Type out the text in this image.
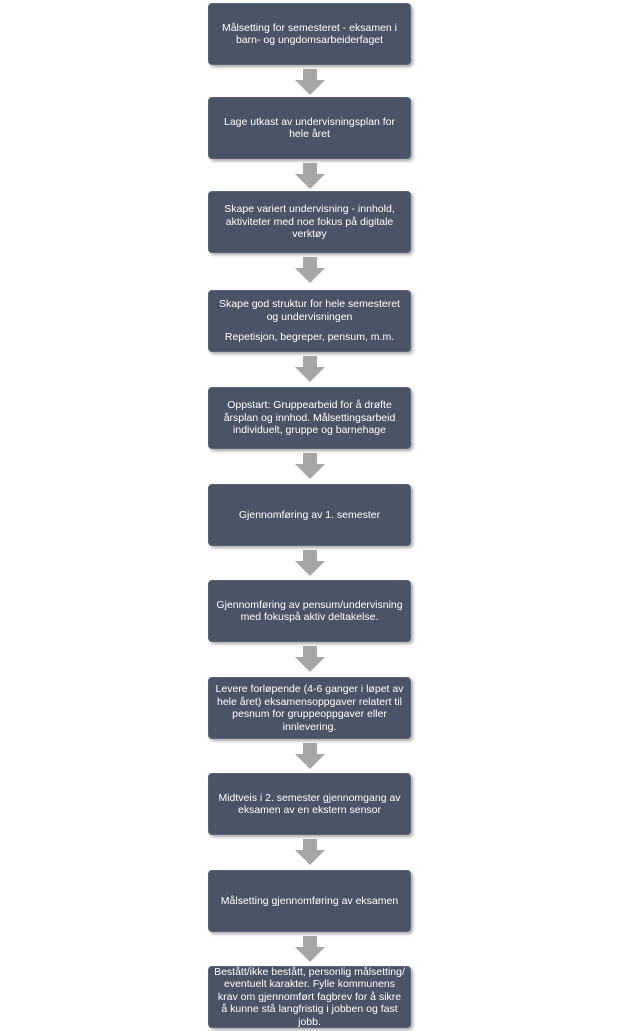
Målsetting for semesteret - eksamen i barn- og ungdomsarbeiderfaget
Lage utkast av undervisningsplan for hele året
Skape variert undervisning - innhold, aktiviteter med noe fokus på digitale verktøy
Skape god struktur for hele semesteret og undervisningen
Repetisjon, begreper, pensum, m.m.
Oppstart: Gruppearbeid for å drøfte årsplan og innhod. Målsettingsarbeid individuelt, gruppe og barnehage
Gjennomføring av 1. semester
Gjennomføring av pensum/undervisning med fokuspå aktiv deltakelse.
Levere forløpende (4-6 ganger i løpet av hele året) eksamensoppgaver relatert til pesnum for gruppeoppgaver eller innlevering.
Midtveis i 2. semester gjennomgang av eksamen av en ekstern sensor
Målsetting gjennomføring av eksamen
Bestått/ikke bestått, personlig målsetting/ eventuelt karakter. Fylle kommunens krav om gjennomført fagbrev for å sikre å kunne stå langfristig i jobben og fast jobb.
